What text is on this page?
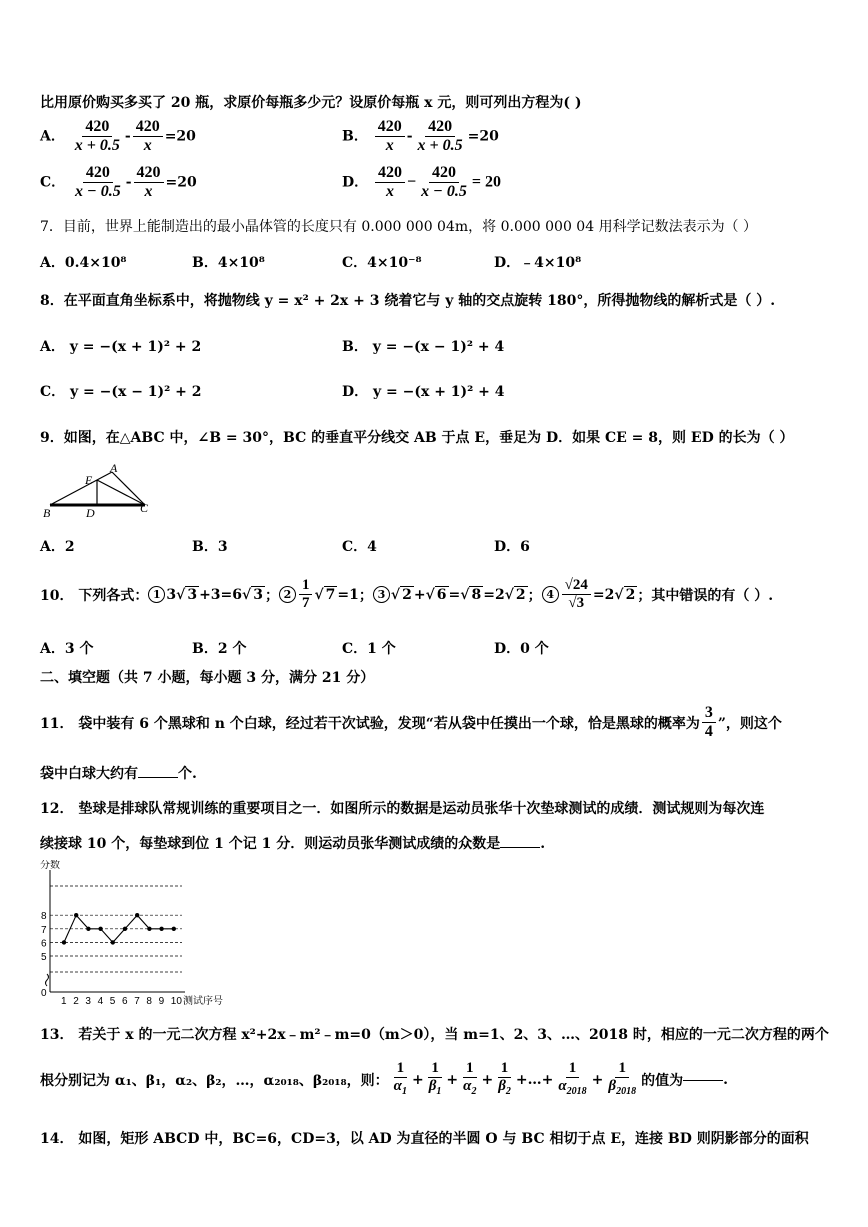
比用原价购买多买了 20 瓶，求原价每瓶多少元？设原价每瓶 x 元，则可列出方程为( )
A． $\frac{420}{x + 0.5} - \frac{420}{x} =20$	B． $\frac{420}{x} - \frac{420}{x + 0.5} =20$
C． $\frac{420}{x - 0.5} - \frac{420}{x} =20$	D． $\frac{420}{x} - \frac{420}{x - 0.5} = 20$
7．目前，世界上能制造出的最小晶体管的长度只有 0.000 000 04m，将 0.000 000 04 用科学记数法表示为（ ）
A．0.4×10⁸	B．4×10⁸	C．4×10⁻⁸	D．﹣4×10⁸
8．在平面直角坐标系中，将抛物线 y = x² + 2x + 3 绕着它与 y 轴的交点旋转 180°，所得抛物线的解析式是（ ）.
A． y = −(x + 1)² + 2	B． y = −(x − 1)² + 4
C． y = −(x − 1)² + 2	D． y = −(x + 1)² + 4
9．如图，在△ABC 中，∠B = 30°，BC 的垂直平分线交 AB 于点 E，垂足为 D．如果 CE = 8，则 ED 的长为（ ）
A
B	C
D
E
A．2	B．3	C．4	D．6
10． 下列各式： 1 3 √ 3 +3=6 √ 3 ； $2 \frac{1}{7}$ √ 7 =1 ； 3	√ 2 + √ 6 = √ 8 =2 √ 2 ； 4 √ 24
√ 3 =2 √ 2 ；其中错误的有（ ）.
A．3 个	B．2 个	C．1 个	D．0 个
二、填空题（共 7 小题，每小题 3 分，满分 21 分）
11． 袋中装有 6 个黑球和 n 个白球，经过若干次试验，发现“若从袋中任摸出一个球，恰是黑球的概率为 $\frac{3}{4}$ ”，则这个
袋中白球大约有	个.
12． 垫球是排球队常规训练的重要项目之一．如图所示的数据是运动员张华十次垫球测试的成绩．测试规则为每次连
续接球 10 个，每垫球到位 1 个记 1 分．则运动员张华测试成绩的众数是	.
0
5
6
7
8
分数
1 2 3 4 5 6 7 8 9 10 测试序号
13． 若关于 x 的一元二次方程 x²+2x﹣m²﹣m=0（m＞0），当 m=1、2、3、…、2018 时，相应的一元二次方程的两个
根分别记为 α₁、β₁，α₂、β₂，…，α₂₀₁₈、β₂₀₁₈，则： $\frac{1}{\alpha_1} + \frac{1}{\beta_1} + \frac{1}{\alpha_2} + \frac{1}{\beta_2}$ +…+ $\frac{1}{\alpha_{2018}} + \frac{1}{\beta_{2018}}$ 的值为	.
14． 如图，矩形 ABCD 中，BC=6，CD=3，以 AD 为直径的半圆 O 与 BC 相切于点 E，连接 BD 则阴影部分的面积
